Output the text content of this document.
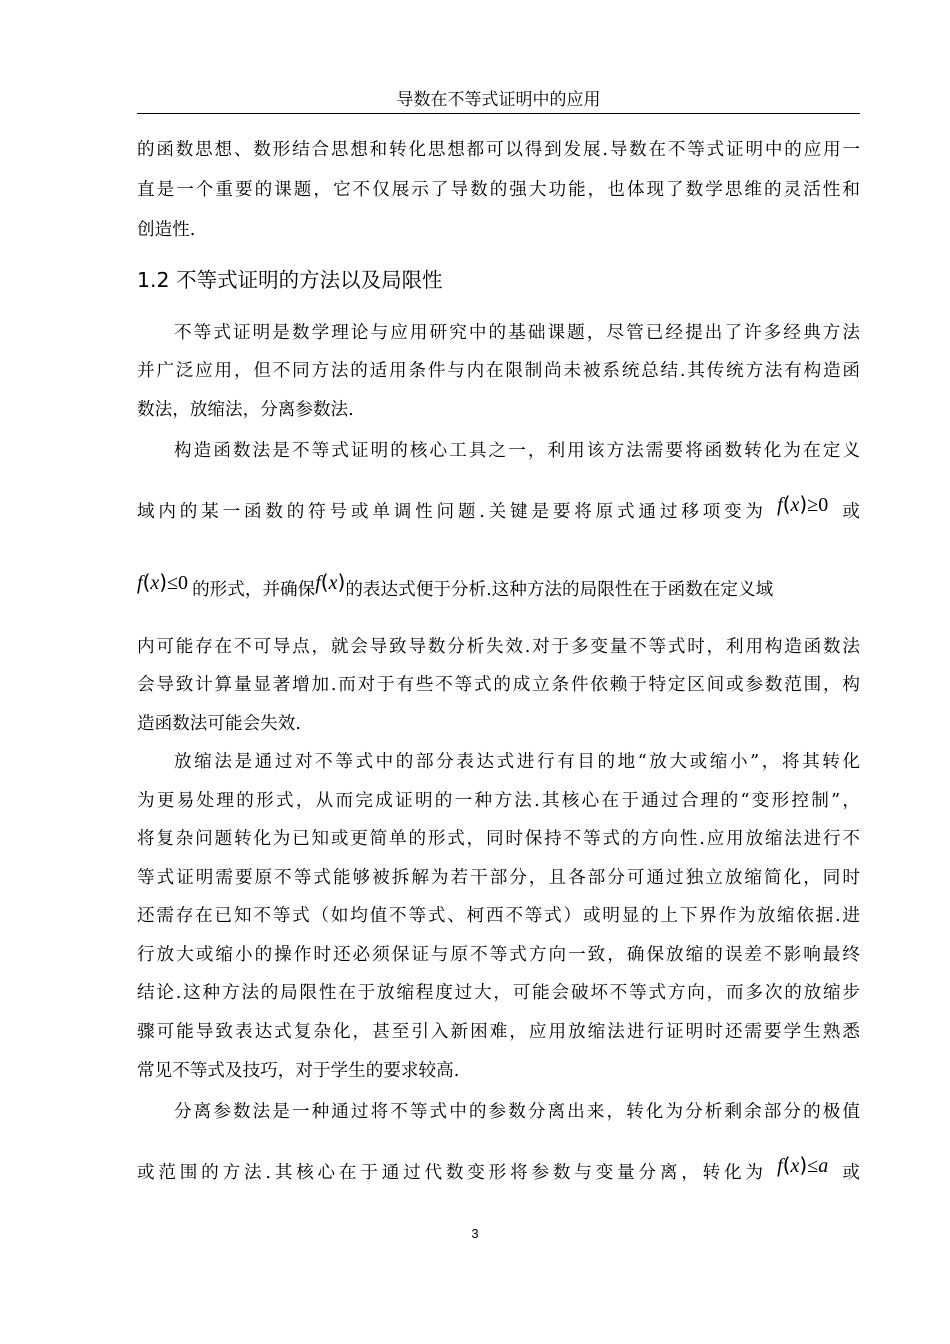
导数在不等式证明中的应用
的函数思想、数形结合思想和转化思想都可以得到发展.导数在不等式证明中的应用一
直是一个重要的课题，它不仅展示了导数的强大功能，也体现了数学思维的灵活性和
创造性.
1.2 不等式证明的方法以及局限性
不等式证明是数学理论与应用研究中的基础课题，尽管已经提出了许多经典方法
并广泛应用，但不同方法的适用条件与内在限制尚未被系统总结.其传统方法有构造函
数法，放缩法，分离参数法.
构造函数法是不等式证明的核心工具之一，利用该方法需要将函数转化为在定义
域内的某一函数的符号或单调性问题.关键是要将原式通过移项变为 f(x)≥0 或
f(x)≤0 的形式，并确保f(x)的表达式便于分析.这种方法的局限性在于函数在定义域
内可能存在不可导点，就会导致导数分析失效.对于多变量不等式时，利用构造函数法
会导致计算量显著增加.而对于有些不等式的成立条件依赖于特定区间或参数范围，构
造函数法可能会失效.
放缩法是通过对不等式中的部分表达式进行有目的地“放大或缩小”，将其转化
为更易处理的形式，从而完成证明的一种方法.其核心在于通过合理的“变形控制”，
将复杂问题转化为已知或更简单的形式，同时保持不等式的方向性.应用放缩法进行不
等式证明需要原不等式能够被拆解为若干部分，且各部分可通过独立放缩简化，同时
还需存在已知不等式（如均值不等式、柯西不等式）或明显的上下界作为放缩依据.进
行放大或缩小的操作时还必须保证与原不等式方向一致，确保放缩的误差不影响最终
结论.这种方法的局限性在于放缩程度过大，可能会破坏不等式方向，而多次的放缩步
骤可能导致表达式复杂化，甚至引入新困难，应用放缩法进行证明时还需要学生熟悉
常见不等式及技巧，对于学生的要求较高.
分离参数法是一种通过将不等式中的参数分离出来，转化为分析剩余部分的极值
或范围的方法.其核心在于通过代数变形将参数与变量分离，转化为 f(x)≤a 或
3
